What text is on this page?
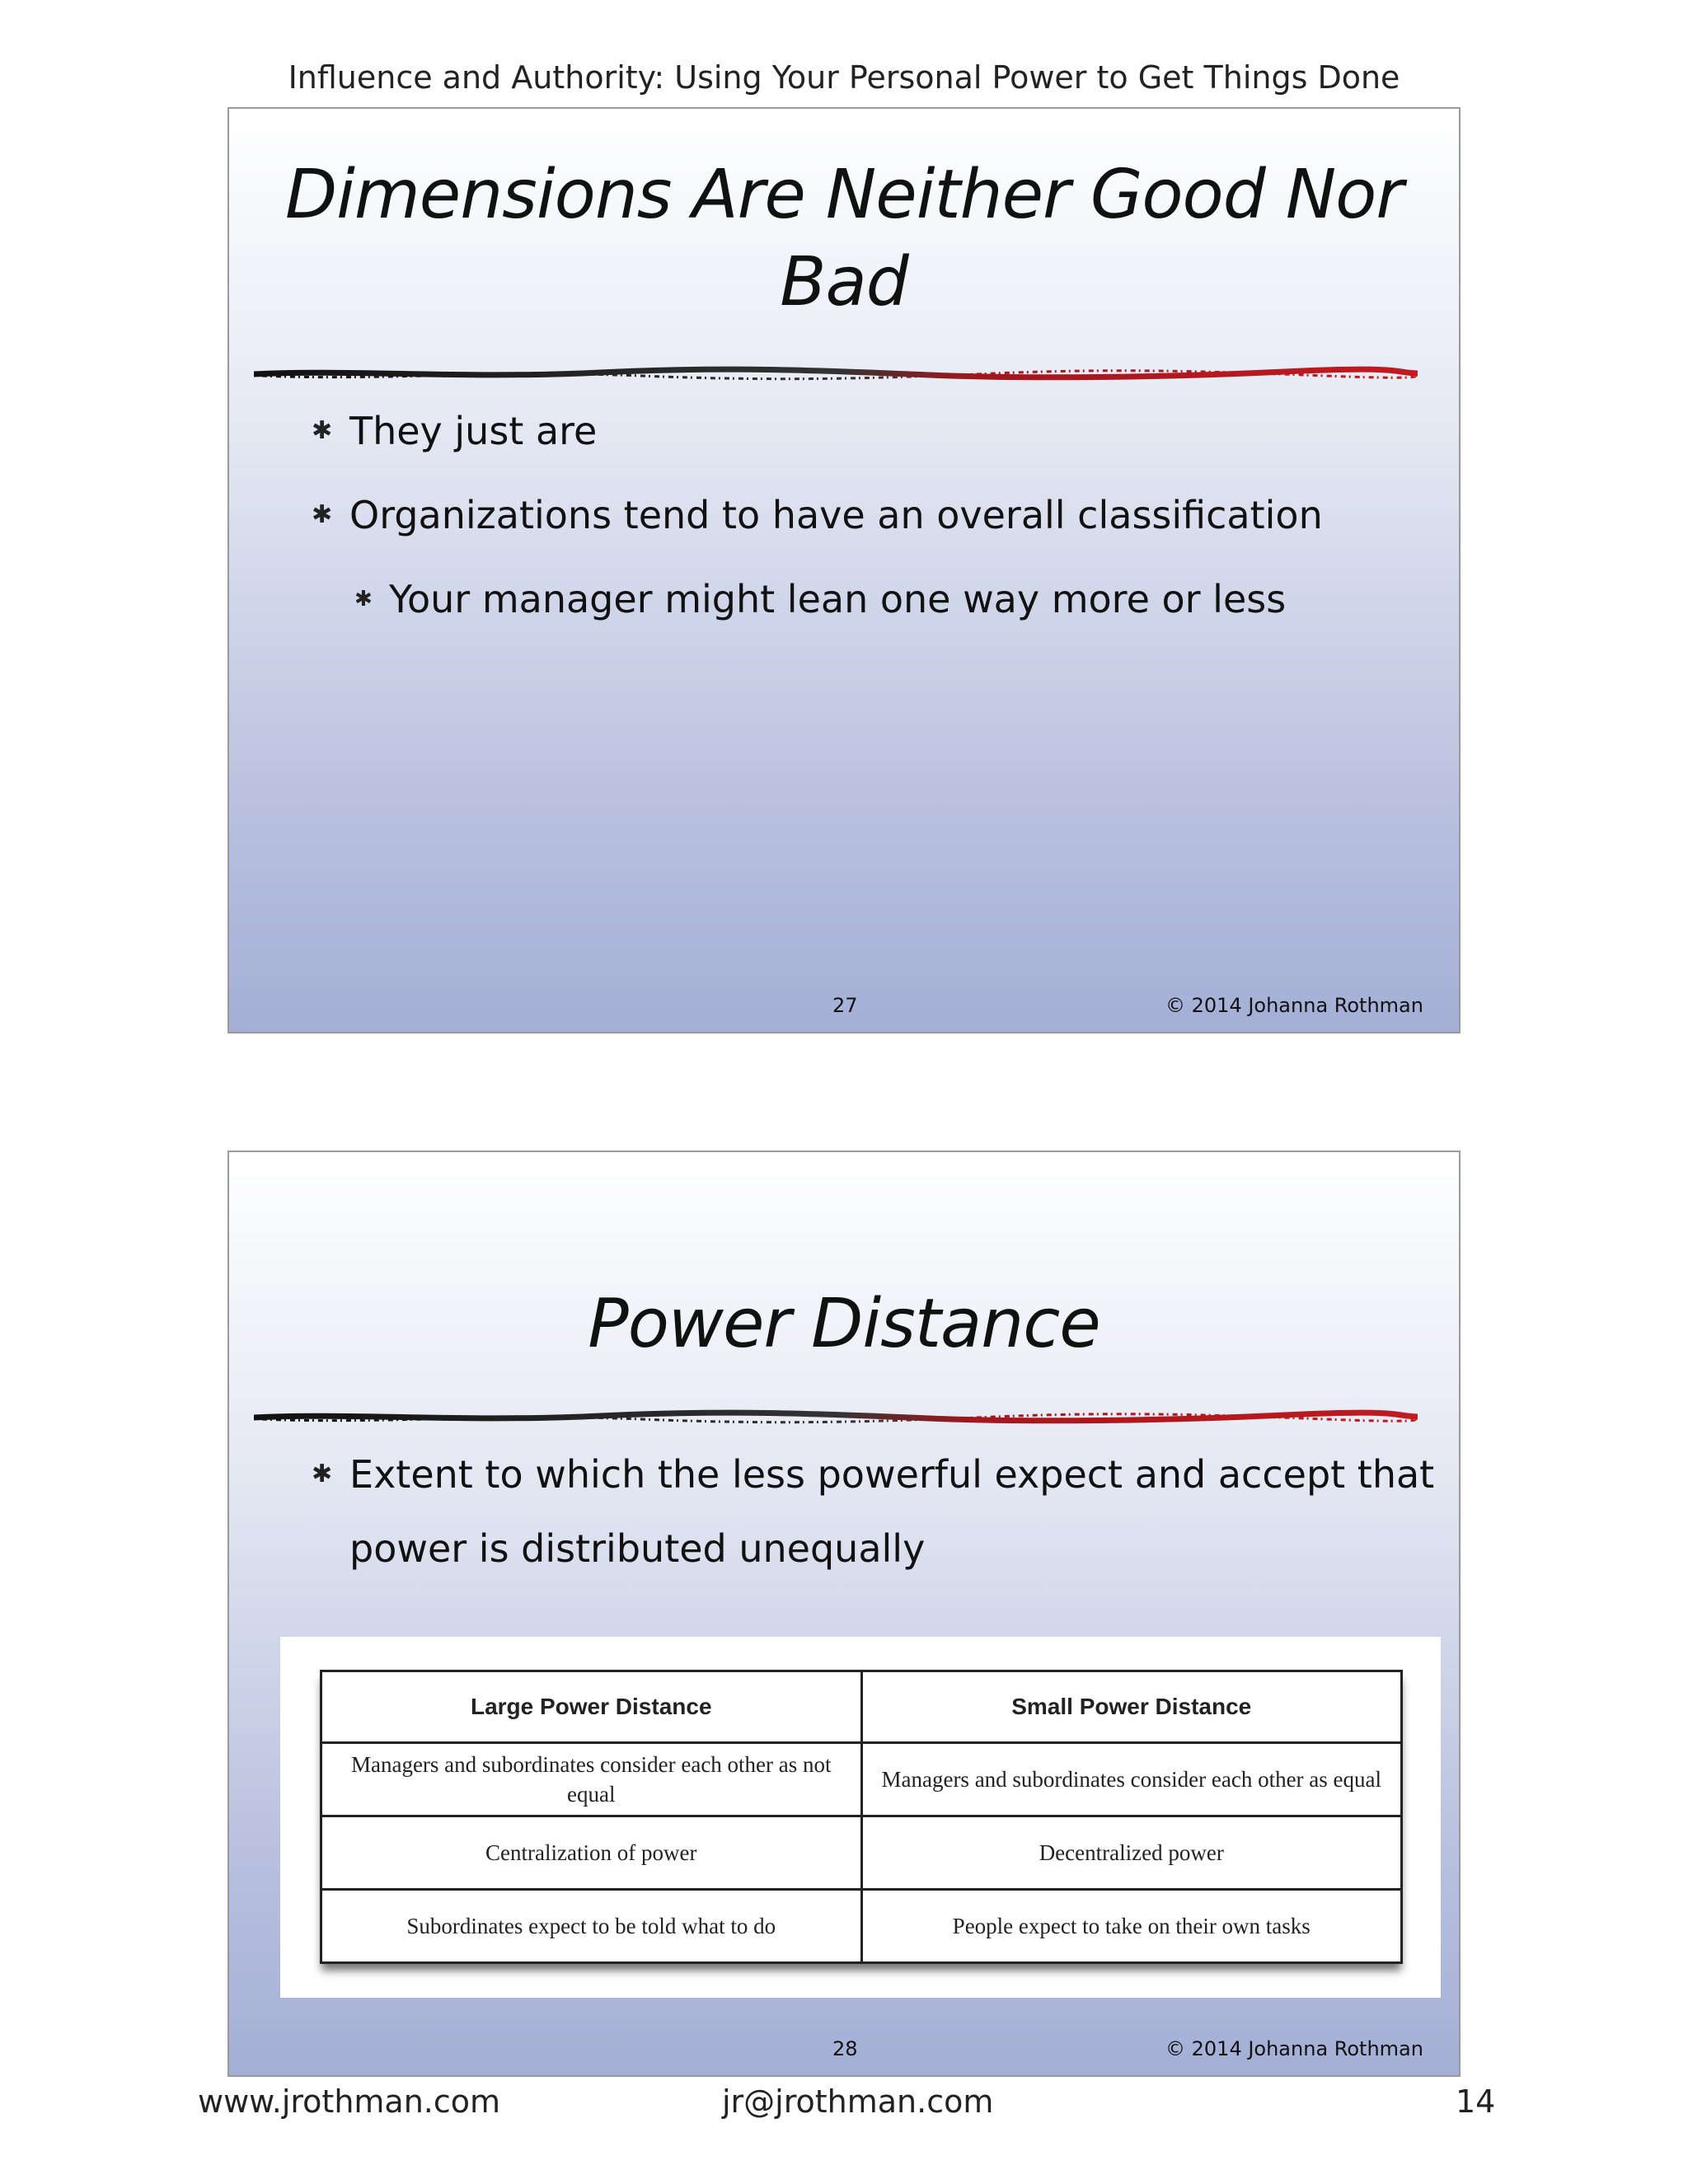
Influence and Authority: Using Your Personal Power to Get Things Done
Dimensions Are Neither Good Nor
Bad
✱ They just are
✱ Organizations tend to have an overall classification
✱ Your manager might lean one way more or less
27	© 2014 Johanna Rothman
Power Distance
✱ Extent to which the less powerful expect and accept that
power is distributed unequally
Large Power Distance	Small Power Distance
Managers and subordinates consider each other as not equal	Managers and subordinates consider each other as equal
Centralization of power	Decentralized power
Subordinates expect to be told what to do	People expect to take on their own tasks
28	© 2014 Johanna Rothman
www.jrothman.com	jr@jrothman.com	14
